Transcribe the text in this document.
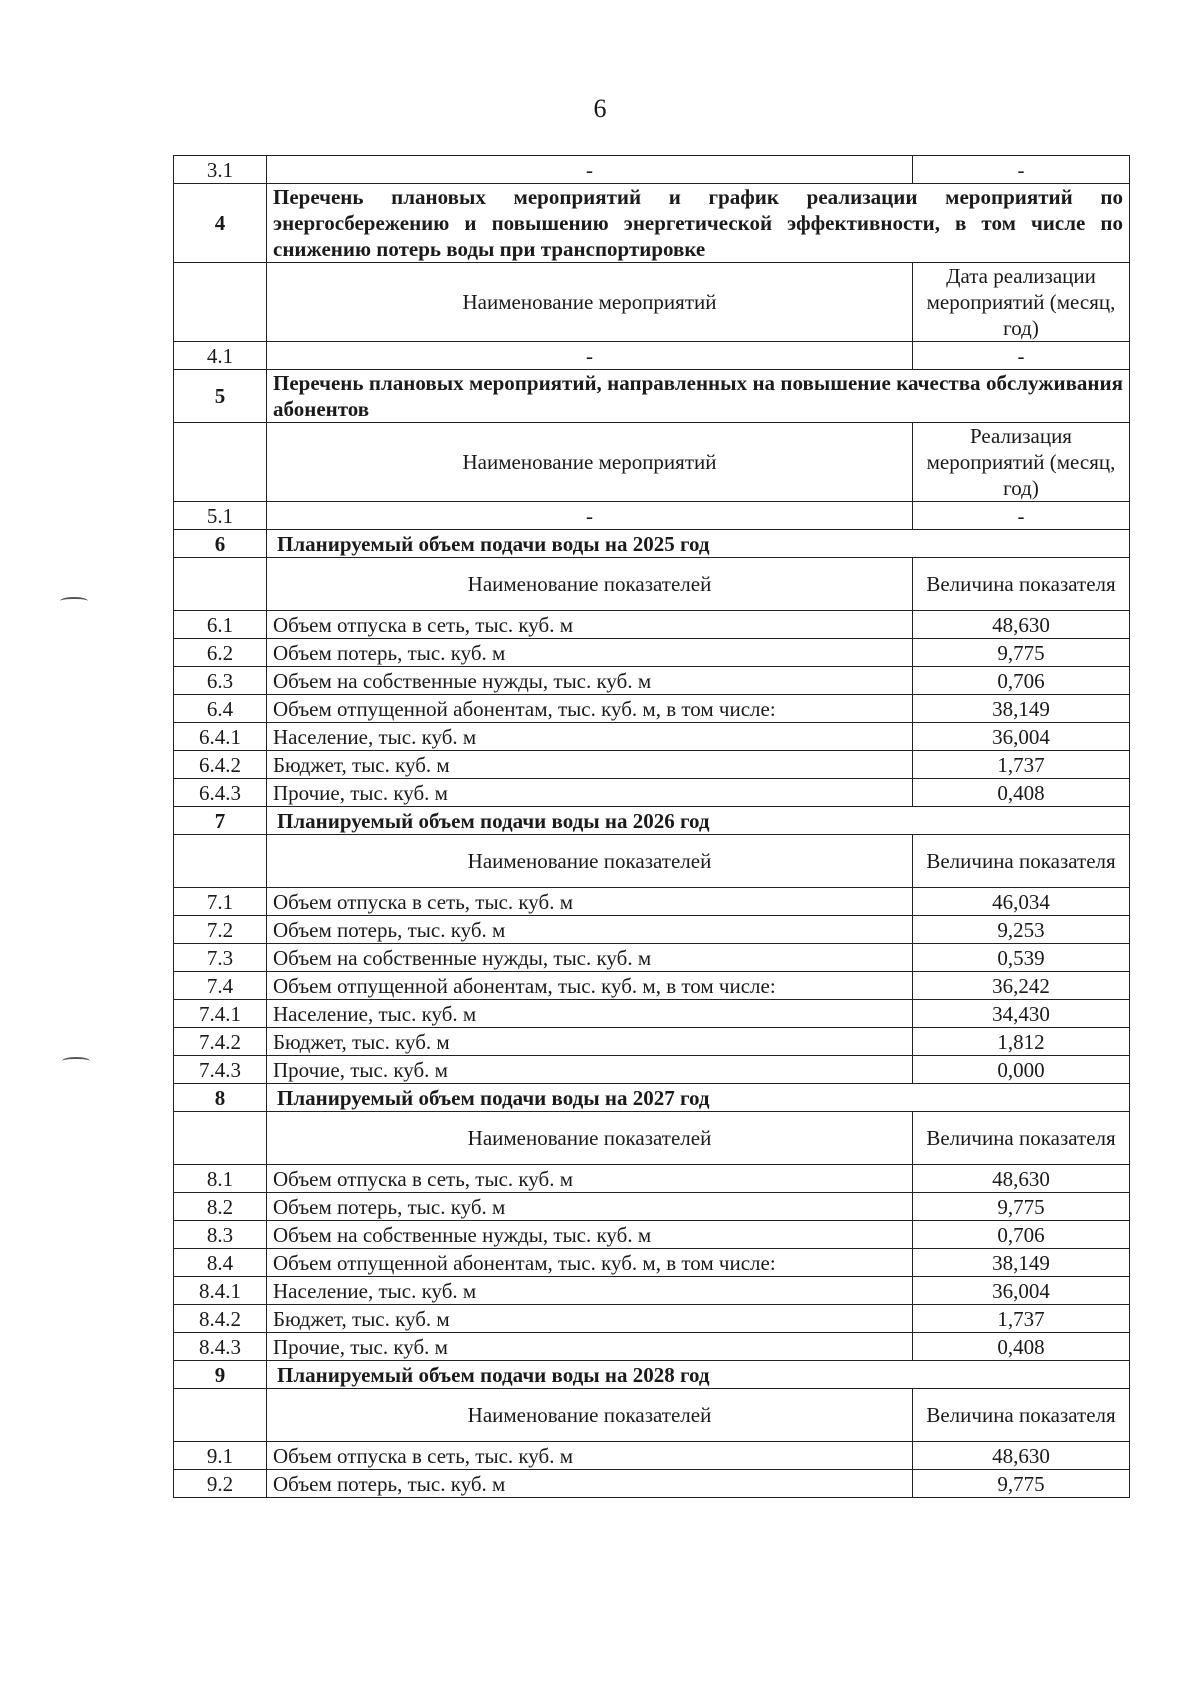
6
3.1	-	-
4	Перечень плановых мероприятий и график реализации мероприятий по энергосбережению и повышению энергетической эффективности, в том числе по снижению потерь воды при транспортировке	
	Наименование мероприятий	Дата реализации мероприятий (месяц, год)
4.1	-	-
5	Перечень плановых мероприятий, направленных на повышение качества обслуживания абонентов	
	Наименование мероприятий	Реализация мероприятий (месяц, год)
5.1	-	-
6	Планируемый объем подачи воды на 2025 год	
	Наименование показателей	Величина показателя
6.1	Объем отпуска в сеть, тыс. куб. м	48,630
6.2	Объем потерь, тыс. куб. м	9,775
6.3	Объем на собственные нужды, тыс. куб. м	0,706
6.4	Объем отпущенной абонентам, тыс. куб. м, в том числе:	38,149
6.4.1	Население, тыс. куб. м	36,004
6.4.2	Бюджет, тыс. куб. м	1,737
6.4.3	Прочие, тыс. куб. м	0,408
7	Планируемый объем подачи воды на 2026 год	
	Наименование показателей	Величина показателя
7.1	Объем отпуска в сеть, тыс. куб. м	46,034
7.2	Объем потерь, тыс. куб. м	9,253
7.3	Объем на собственные нужды, тыс. куб. м	0,539
7.4	Объем отпущенной абонентам, тыс. куб. м, в том числе:	36,242
7.4.1	Население, тыс. куб. м	34,430
7.4.2	Бюджет, тыс. куб. м	1,812
7.4.3	Прочие, тыс. куб. м	0,000
8	Планируемый объем подачи воды на 2027 год	
	Наименование показателей	Величина показателя
8.1	Объем отпуска в сеть, тыс. куб. м	48,630
8.2	Объем потерь, тыс. куб. м	9,775
8.3	Объем на собственные нужды, тыс. куб. м	0,706
8.4	Объем отпущенной абонентам, тыс. куб. м, в том числе:	38,149
8.4.1	Население, тыс. куб. м	36,004
8.4.2	Бюджет, тыс. куб. м	1,737
8.4.3	Прочие, тыс. куб. м	0,408
9	Планируемый объем подачи воды на 2028 год	
	Наименование показателей	Величина показателя
9.1	Объем отпуска в сеть, тыс. куб. м	48,630
9.2	Объем потерь, тыс. куб. м	9,775
